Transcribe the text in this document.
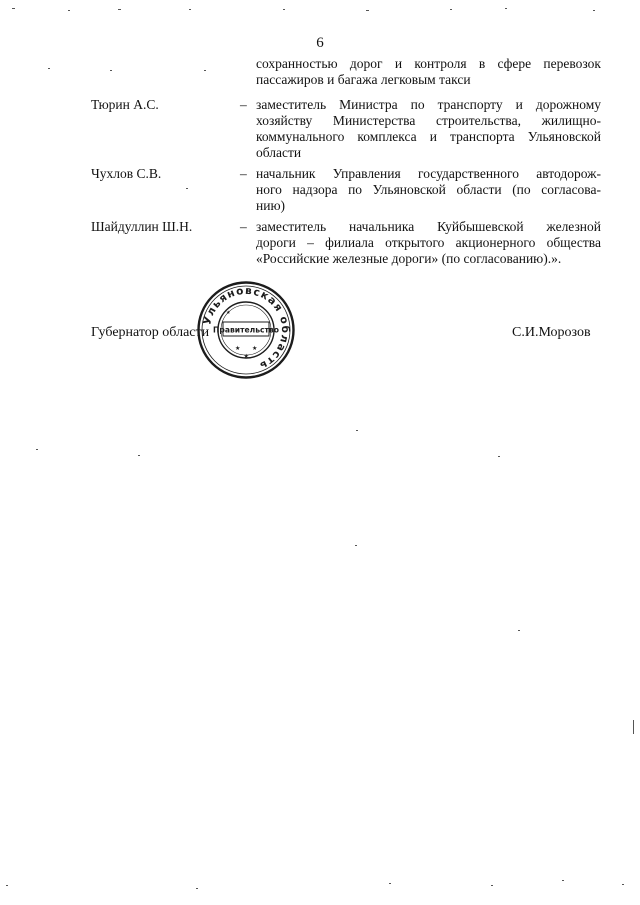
6
сохранностью дорог и контроля в сфере перевозок
пассажиров и багажа легковым такси
Тюрин А.С.	– заместитель Министра по транспорту и дорожному
хозяйству Министерства строительства, жилищно-
коммунального комплекса и транспорта Ульяновской
области
Чухлов С.В.	– начальник Управления государственного автодорож-
ного надзора по Ульяновской области (по согласова-
нию)
Шайдуллин Ш.Н.	– заместитель начальника Куйбышевской железной
дороги – филиала открытого акционерного общества
«Российские железные дороги» (по согласованию).».
Губернатор области	С.И.Морозов
Ульяновская область
Правительство
★ ★
★
★
